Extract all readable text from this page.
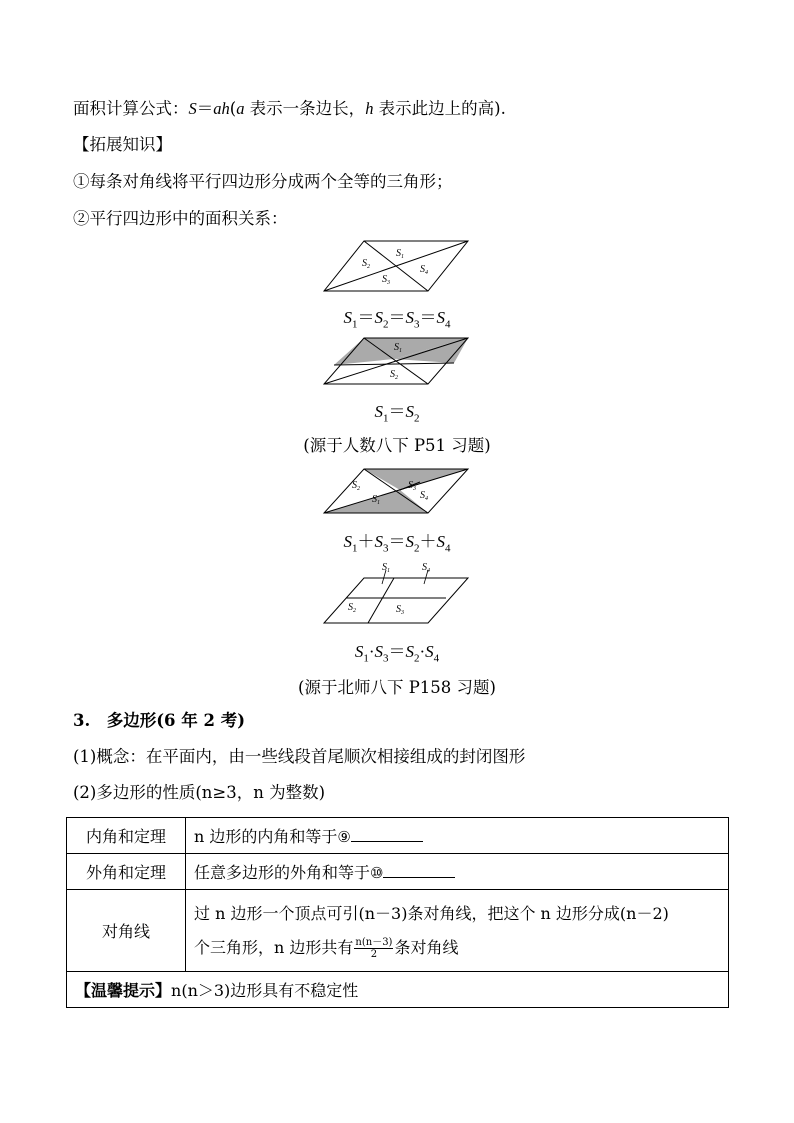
面积计算公式：S＝ah(a 表示一条边长，h 表示此边上的高).
【拓展知识】
①每条对角线将平行四边形分成两个全等的三角形；
②平行四边形中的面积关系：
$S_1$
$S_2$
$S_3$
$S_4$
$S_1=S_2=S_3=S_4$
$S_1$
$S_2$
$S_1=S_2$
(源于人数八下 P51 习题)
$S_2$
$S_1$
$S_3$
$S_4$
$S_1+S_3=S_2+S_4$
$S_1$	$S_4$
$S_2$	$S_3$
$S_1\cdot S_3=S_2\cdot S_4$
(源于北师八下 P158 习题)
3.　多边形(6 年 2 考)
(1)概念：在平面内，由一些线段首尾顺次相接组成的封闭图形
(2)多边形的性质(n≥3，n 为整数)
内角和定理	n 边形的内角和等于⑨
外角和定理	任意多边形的外角和等于⑩
对角线	过 n 边形一个顶点可引(n－3)条对角线，把这个 n 边形分成(n－2)
个三角形，n 边形共有 $\frac{n(n-3)}{2}$ 条对角线

【温馨提示】n(n＞3)边形具有不稳定性	
